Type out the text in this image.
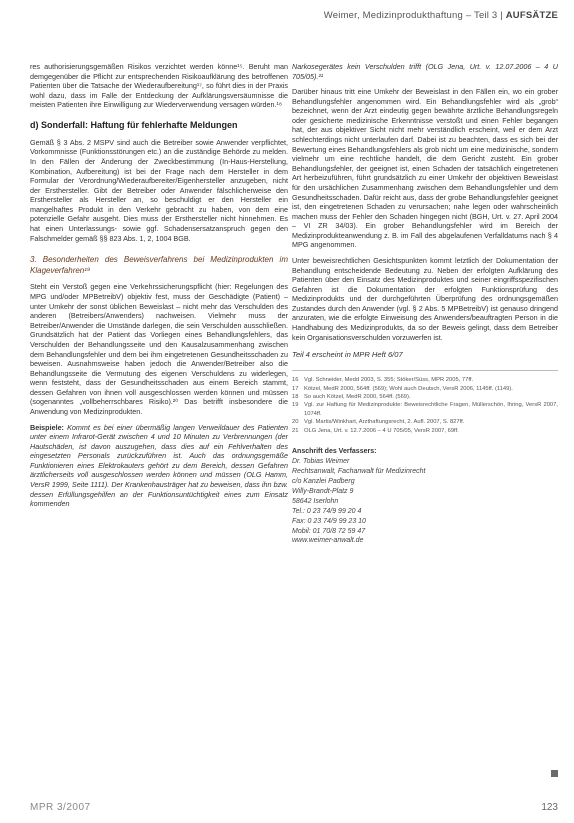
Weimer, Medizinprodukthaftung – Teil 3 | AUFSÄTZE

res authorisierungsgemäßen Risikos verzichtet werden könne¹⁵. Beruht man demgegenüber die Pflicht zur entsprechenden Risikoaufklärung des betroffenen Patienten über die Tatsache der Wiederaufbereitung¹⁷, so führt dies in der Praxis wohl dazu, dass im Falle der Entdeckung der Aufklärungsversäumnisse die meisten Patienten ihre Einwilligung zur Wiederverwendung versagen würden.¹⁸

d) Sonderfall: Haftung für fehlerhafte Meldungen

Gemäß § 3 Abs. 2 MSPV sind auch die Betreiber sowie Anwender verpflichtet, Vorkommnisse (Funktionsstörungen etc.) an die zuständige Behörde zu melden. In den Fällen der Änderung der Zweckbestimmung (In-Haus-Herstellung, Kombination, Aufbereitung) ist bei der Frage nach dem Hersteller in dem Formular der Verordnung/Wiederaufbereiter/Eigenhersteller anzugeben, nicht der Ersthersteller. Gibt der Betreiber oder Anwender fälschlicherweise den Ersthersteller als Hersteller an, so beschuldigt er den Hersteller ein mangelhaftes Produkt in den Verkehr gebracht zu haben, von dem eine potenzielle Gefahr ausgeht. Dies muss der Ersthersteller nicht hinnehmen. Es hat einen Unterlassungs- sowie ggf. Schadensersatzanspruch gegen den Falschmelder gemäß §§ 823 Abs. 1, 2, 1004 BGB.

3. Besonderheiten des Beweisverfahrens bei Medizinprodukten im Klageverfahren¹⁹

Steht ein Verstoß gegen eine Verkehrssicherungspflicht (hier: Regelungen des MPG und/oder MPBetreibV) objektiv fest, muss der Geschädigte (Patient) – unter Umkehr der sonst üblichen Beweislast – nicht mehr das Verschulden des anderen (Betreibers/Anwenders) nachweisen. Vielmehr muss der Betreiber/Anwender die Umstände darlegen, die sein Verschulden ausschließen. Grundsätzlich hat der Patient das Vorliegen eines Behandlungsfehlers, das Verschulden der Behandlungsseite und den Kausalzusammenhang zwischen dem Behandlungsfehler und dem bei ihm eingetretenen Gesundheitsschaden zu beweisen. Ausnahmsweise haben jedoch die Anwender/Betreiber also die Behandlungsseite die Vermutung des eigenen Verschuldens zu widerlegen, wenn feststeht, dass der Gesundheitsschaden aus einem Bereich stammt, dessen Gefahren von ihnen voll ausgeschlossen werden können und müssen (sogenanntes „vollbeherrschbares Risiko).²⁰ Das betrifft insbesondere die Anwendung von Medizinprodukten.

Beispiele: Kommt es bei einer übermäßig langen Verweildauer des Patienten unter einem Infrarot-Gerät zwischen 4 und 10 Minuten zu Verbrennungen (der Hautschäden, ist davon auszugehen, dass dies auf ein Fehlverhalten des eingesetzten Personals zurückzuführen ist. Auch das ordnungsgemäße Funktionieren eines Elektrokauters gehört zu dem Bereich, dessen Gefahren ärztlicherseits voll ausgeschlossen werden können und müssen (OLG Hamm, VersR 1999, Seite 1111). Der Krankenhausträger hat zu beweisen, dass ihn bzw. dessen Erfüllungsgehilfen an der Funktionsuntüchtigkeit eines zum Einsatz kommenden

Narkosegerätes kein Verschulden trifft (OLG Jena, Urt. v. 12.07.2006 – 4 U 705/05).²¹

Darüber hinaus tritt eine Umkehr der Beweislast in den Fällen ein, wo ein grober Behandlungsfehler angenommen wird. Ein Behandlungsfehler wird als „grob“ bezeichnet, wenn der Arzt eindeutig gegen bewährte ärztliche Behandlungsregeln oder gesicherte medizinische Erkenntnisse verstoßt und einen Fehler begangen hat, der aus objektiver Sicht nicht mehr verständlich erscheint, weil er dem Arzt schlechterdings nicht unterlaufen darf. Dabei ist zu beachten, dass es sich bei der Bewertung eines Behandlungsfehlers als grob nicht um eine medizinische, sondern vielmehr um eine rechtliche handelt, die dem Gericht zusteht. Ein grober Behandlungsfehler, der geeignet ist, einen Schaden der tatsächlich eingetretenen Art herbeizuführen, führt grundsätzlich zu einer Umkehr der objektiven Beweislast für den ursächlichen Zusammenhang zwischen dem Behandlungsfehler und dem Gesundheitsschaden. Dafür reicht aus, dass der grobe Behandlungsfehler geeignet ist, den eingetretenen Schaden zu verursachen; nahe legen oder wahrscheinlich machen muss der Fehler den Schaden hingegen nicht (BGH, Urt. v. 27. April 2004 – VI ZR 34/03). Ein grober Behandlungsfehler wird im Bereich der Medizinprodukteanwendung z. B. im Fall des abgelaufenen Verfalldatums nach § 4 MPG angenommen.

Unter beweisrechtlichen Gesichtspunkten kommt letztlich der Dokumentation der Behandlung entscheidende Bedeutung zu. Neben der erfolgten Aufklärung des Patienten über den Einsatz des Medizinproduktes und seiner eingriffsspezifischen Gefahren ist die Dokumentation der erfolgten Funktionsprüfung des Medizinprodukts und der durchgeführten Überprüfung des ordnungsgemäßen Zustandes durch den Anwender (vgl. § 2 Abs. 5 MPBetreibV) ist genauso dringend anzuraten, wie die erfolgte Einweisung des Anwenders/beauftragten Person in die Handhabung des Medizinprodukts, da so der Beweis gelingt, dass dem Betreiber kein Organisationsverschulden vorzuwerfen ist.

Teil 4 erscheint in MPR Heft 6/07
16 Vgl. Schneider, Medd 2003, S. 355; Stöker/Süss, MPR 2005, 77ff.
17 Kötzel, MedR 2000, 564ff. (569); Wohl auch Deutsch, VersR 2006, 1145ff. (1149).
18 So auch Kötzel, MedR 2000, 564ff. (569).
19 Vgl. zur Haftung für Medizinprodukte: Beweisrechtliche Fragen, Müllerschön, Ihring, VersR 2007, 1074ff.
20 Vgl. Martis/Winkhart, Arzthaftungsrecht, 2. Aufl. 2007, S. 827ff.
21 OLG Jena, Urt. v. 12.7.2006 – 4 U 705/05, VersR 2007, 69ff.
Anschrift des Verfassers:
Dr. Tobias Weimer
Rechtsanwalt, Fachanwalt für Medizinrecht
c/o Kanzlei Padberg
Willy-Brandt-Platz 9
58642 Iserlohn
Tel.: 0 23 74/9 99 20 4
Fax: 0 23 74/9 99 23 10
Mobil: 01 70/8 72 59 47
www.weimer-anwalt.de
MPR 3/2007	123
